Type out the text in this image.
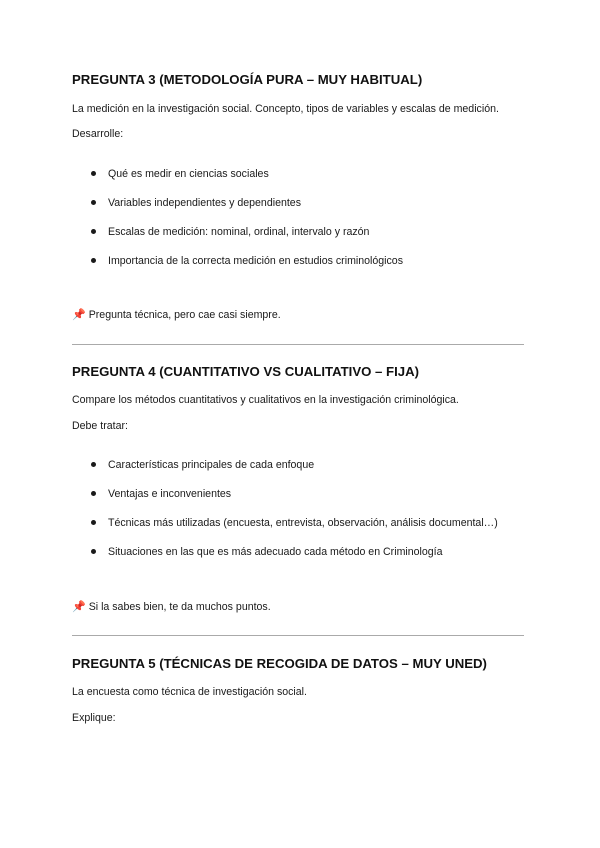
PREGUNTA 3 (METODOLOGÍA PURA – MUY HABITUAL)

La medición en la investigación social. Concepto, tipos de variables y escalas de medición.

Desarrolle:

Qué es medir en ciencias sociales
Variables independientes y dependientes
Escalas de medición: nominal, ordinal, intervalo y razón
Importancia de la correcta medición en estudios criminológicos

📌 Pregunta técnica, pero cae casi siempre.

PREGUNTA 4 (CUANTITATIVO VS CUALITATIVO – FIJA)

Compare los métodos cuantitativos y cualitativos en la investigación criminológica.

Debe tratar:

Características principales de cada enfoque
Ventajas e inconvenientes
Técnicas más utilizadas (encuesta, entrevista, observación, análisis documental…)
Situaciones en las que es más adecuado cada método en Criminología

📌 Si la sabes bien, te da muchos puntos.

PREGUNTA 5 (TÉCNICAS DE RECOGIDA DE DATOS – MUY UNED)

La encuesta como técnica de investigación social.

Explique:
